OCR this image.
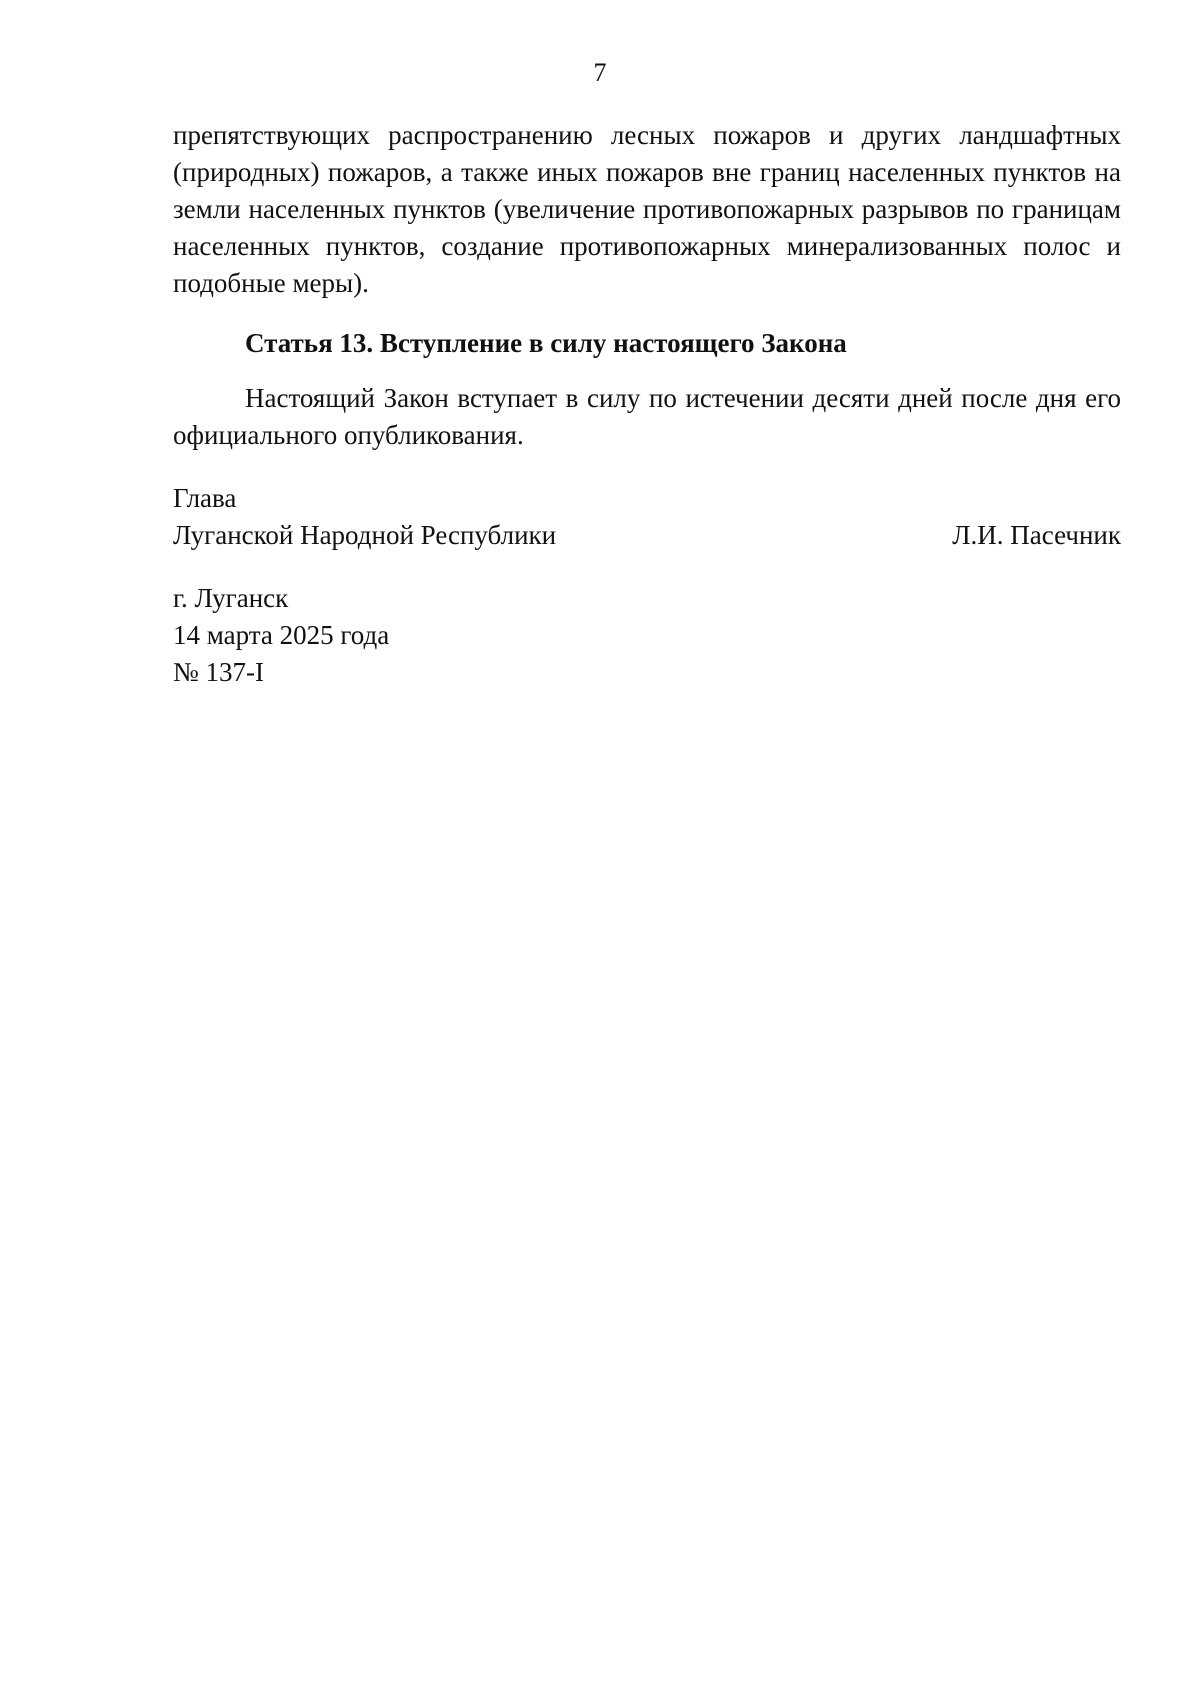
7
препятствующих распространению лесных пожаров и других ландшафтных (природных) пожаров, а также иных пожаров вне границ населенных пунктов на земли населенных пунктов (увеличение противопожарных разрывов по границам населенных пунктов, создание противопожарных минерализованных полос и подобные меры).
Статья 13. Вступление в силу настоящего Закона
Настоящий Закон вступает в силу по истечении десяти дней после дня его официального опубликования.
Глава
Луганской Народной Республики	Л.И. Пасечник
г. Луганск
14 марта 2025 года
№ 137-I
